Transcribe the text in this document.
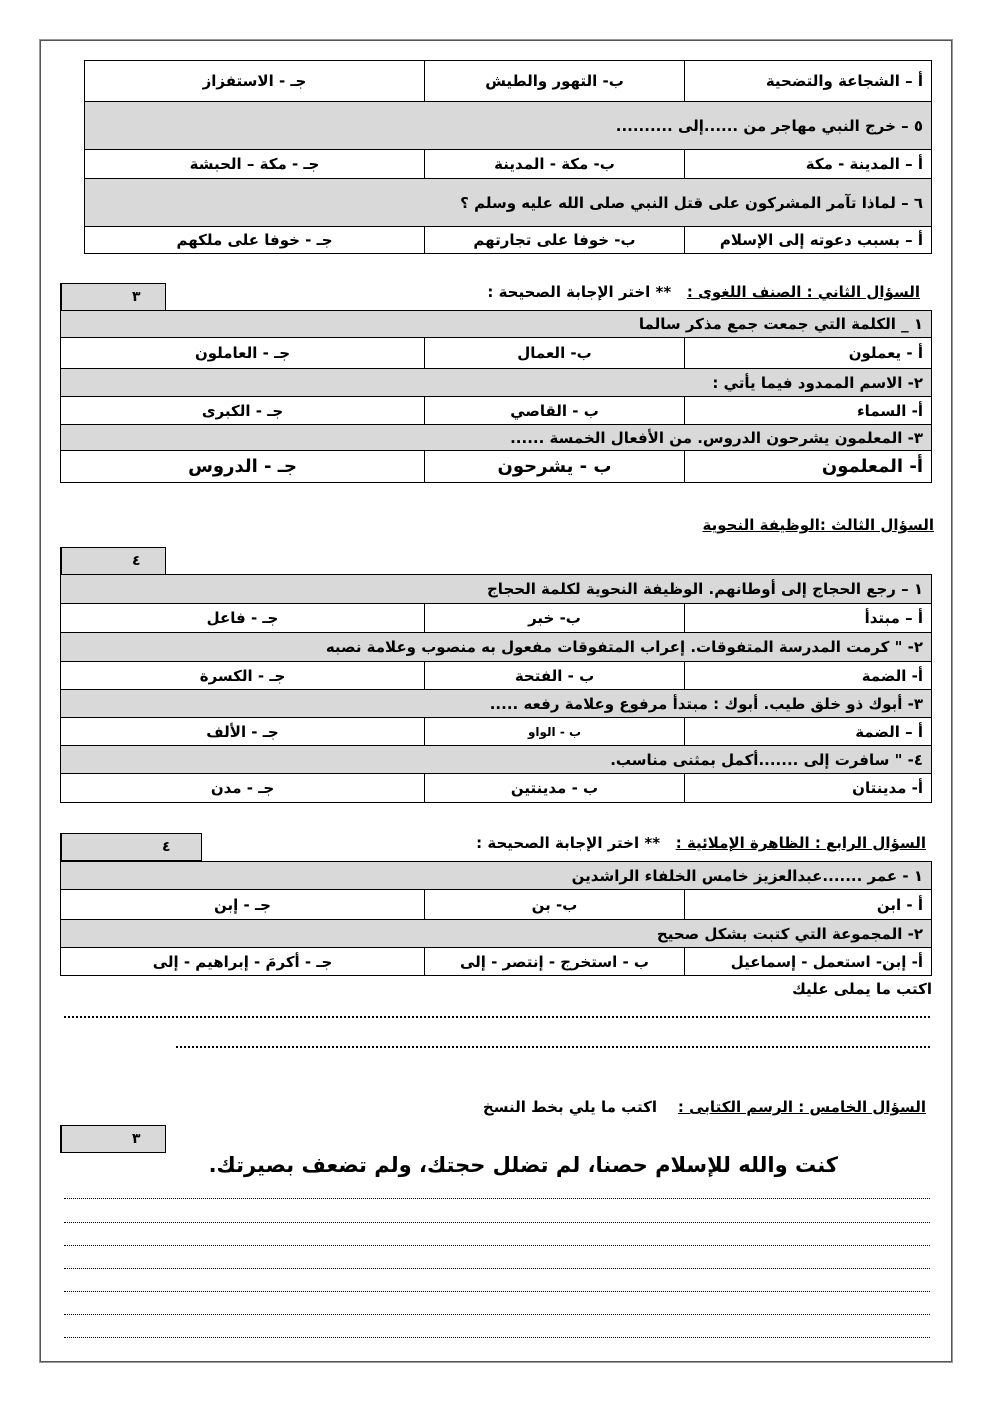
أ – الشجاعة والتضحية	ب- التهور والطيش	جـ - الاستفزاز
٥ – خرج النبي مهاجر من ......إلى ..........		
أ – المدينة - مكة	ب- مكة - المدينة	جـ - مكة – الحبشة
٦ – لماذا تآمر المشركون على قتل النبي صلى الله عليه وسلم ؟		
أ – بسبب دعوته إلى الإسلام	ب- خوفا على تجارتهم	جـ - خوفا على ملكهم
٣	السؤال الثاني : الصنف اللغوى :   ** اختر الإجابة الصحيحة :
١ _ الكلمة التي جمعت جمع مذكر سالما		
أ - يعملون	ب- العمال	جـ - العاملون
٢- الاسم الممدود فيما يأتي :		
أ- السماء	ب - القاصي	جـ - الكبرى
٣- المعلمون يشرحون الدروس. من الأفعال الخمسة ......		
أ- المعلمون	ب - يشرحون	جـ - الدروس
السؤال الثالث :الوظيفة النحوية
٤
١ – رجع الحجاج إلى أوطانهم. الوظيفة النحوية لكلمة الحجاج		
أ – مبتدأ	ب- خبر	جـ - فاعل
٢- " كرمت المدرسة المتفوقات. إعراب المتفوقات مفعول به منصوب وعلامة نصبه		
أ- الضمة	ب - الفتحة	جـ - الكسرة
٣- أبوك ذو خلق طيب. أبوك : مبتدأ مرفوع وعلامة رفعه .....		
أ – الضمة	ب - الواو	جـ - الألف
٤- " سافرت إلى .......أكمل بمثنى مناسب.		
أ- مدينتان	ب - مدينتين	جـ - مدن
٤	السؤال الرابع : الظاهرة الإملائية :   ** اختر الإجابة الصحيحة :
١ - عمر .......عبدالعزيز خامس الخلفاء الراشدين		
أ - ابن	ب- بن	جـ - إبن
٢- المجموعة التي كتبت بشكل صحيح		
أ- إبن- استعمل - إسماعيل	ب - استخرج - إنتصر - إلى	جـ - أكرمَ - إبراهيم - إلى
اكتب ما يملى عليك
السؤال الخامس : الرسم الكتابى :    اكتب ما يلي بخط النسخ
٣
كنت والله للإسلام حصنا، لم تضلل حجتك، ولم تضعف بصيرتك.
